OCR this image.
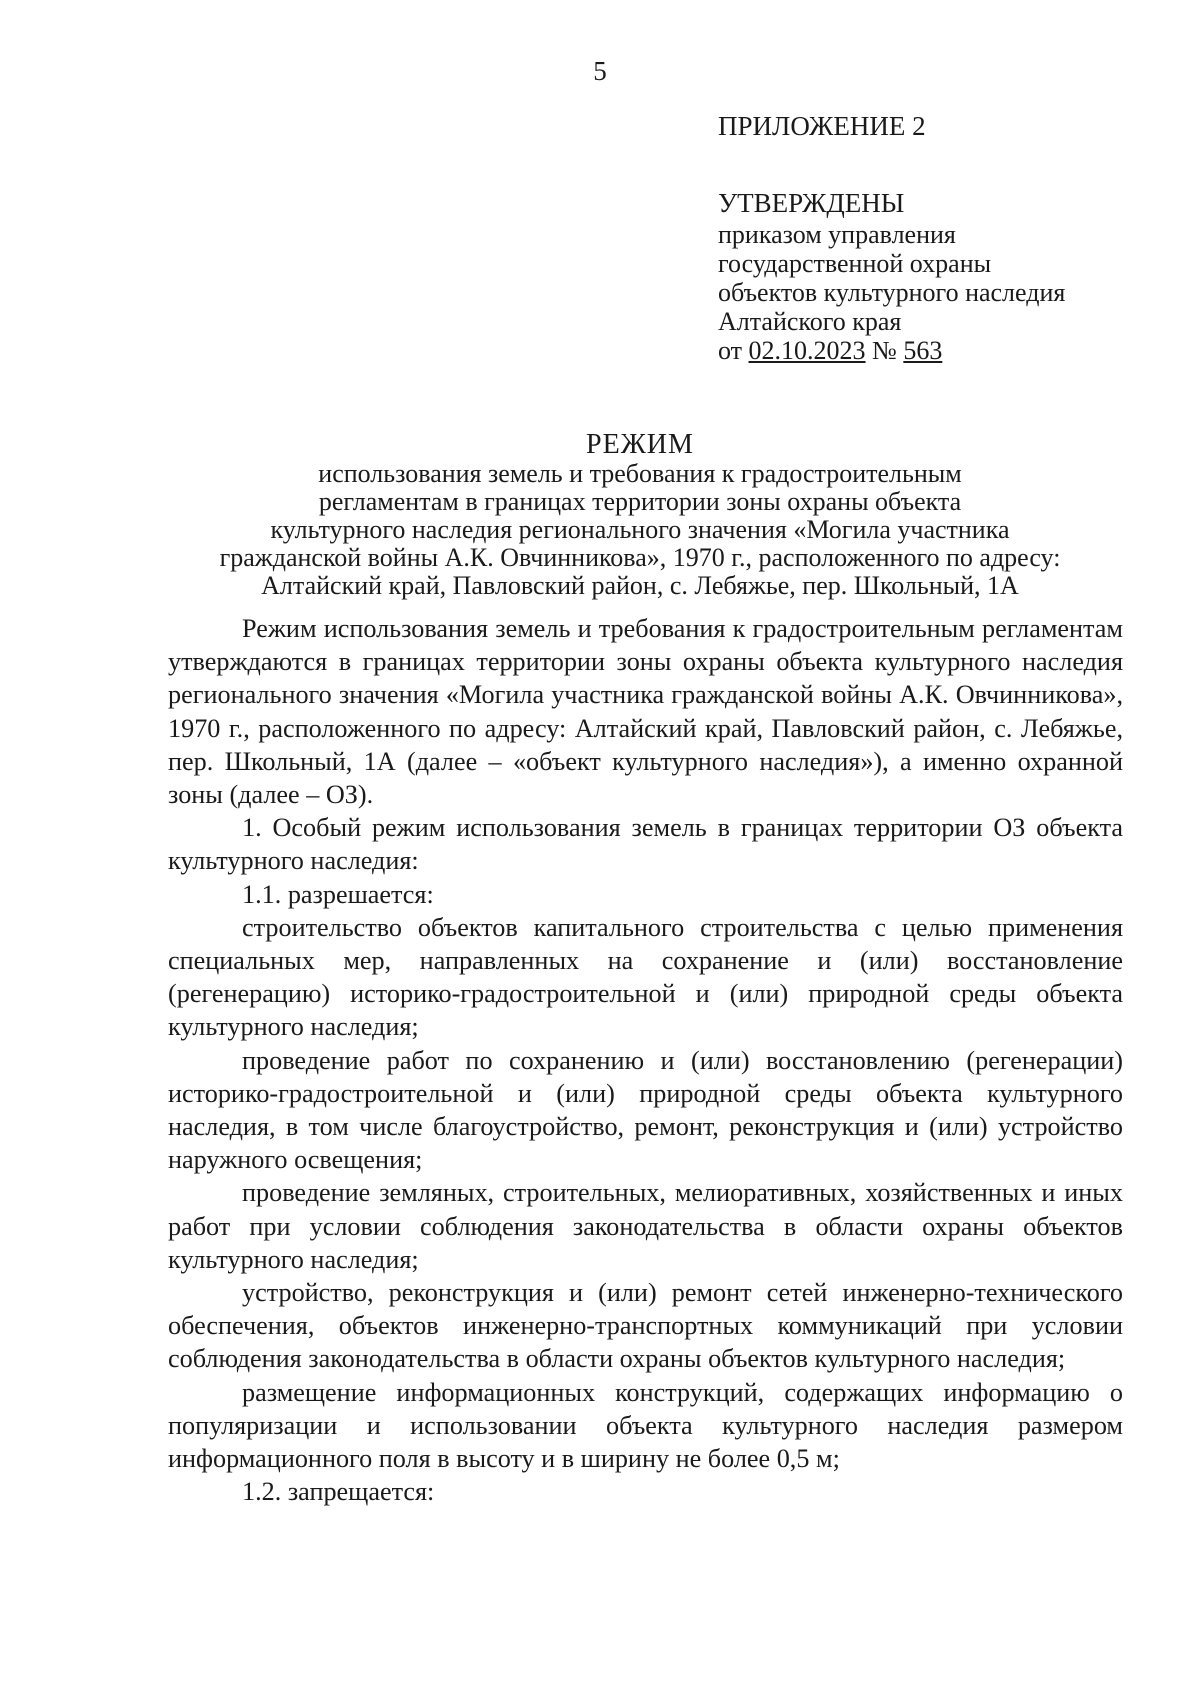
5
ПРИЛОЖЕНИЕ 2
УТВЕРЖДЕНЫ
приказом управления
государственной охраны
объектов культурного наследия
Алтайского края
от 02.10.2023 № 563
РЕЖИМ
использования земель и требования к градостроительным
регламентам в границах территории зоны охраны объекта
культурного наследия регионального значения «Могила участника
гражданской войны А.К. Овчинникова», 1970 г., расположенного по адресу:
Алтайский край, Павловский район, с. Лебяжье, пер. Школьный, 1А

Режим использования земель и требования к градостроительным регламентам утверждаются в границах территории зоны охраны объекта культурного наследия регионального значения «Могила участника гражданской войны А.К. Овчинникова», 1970 г., расположенного по адресу: Алтайский край, Павловский район, с. Лебяжье, пер. Школьный, 1А (далее – «объект культурного наследия»), а именно охранной зоны (далее – ОЗ).

1. Особый режим использования земель в границах территории ОЗ объекта культурного наследия:

1.1. разрешается:

строительство объектов капитального строительства с целью применения специальных мер, направленных на сохранение и (или) восстановление (регенерацию) историко-градостроительной и (или) природной среды объекта культурного наследия;

проведение работ по сохранению и (или) восстановлению (регенерации) историко-градостроительной и (или) природной среды объекта культурного наследия, в том числе благоустройство, ремонт, реконструкция и (или) устройство наружного освещения;

проведение земляных, строительных, мелиоративных, хозяйственных и иных работ при условии соблюдения законодательства в области охраны объектов культурного наследия;

устройство, реконструкция и (или) ремонт сетей инженерно-технического обеспечения, объектов инженерно-транспортных коммуникаций при условии соблюдения законодательства в области охраны объектов культурного наследия;

размещение информационных конструкций, содержащих информацию о популяризации и использовании объекта культурного наследия размером информационного поля в высоту и в ширину не более 0,5 м;

1.2. запрещается:
